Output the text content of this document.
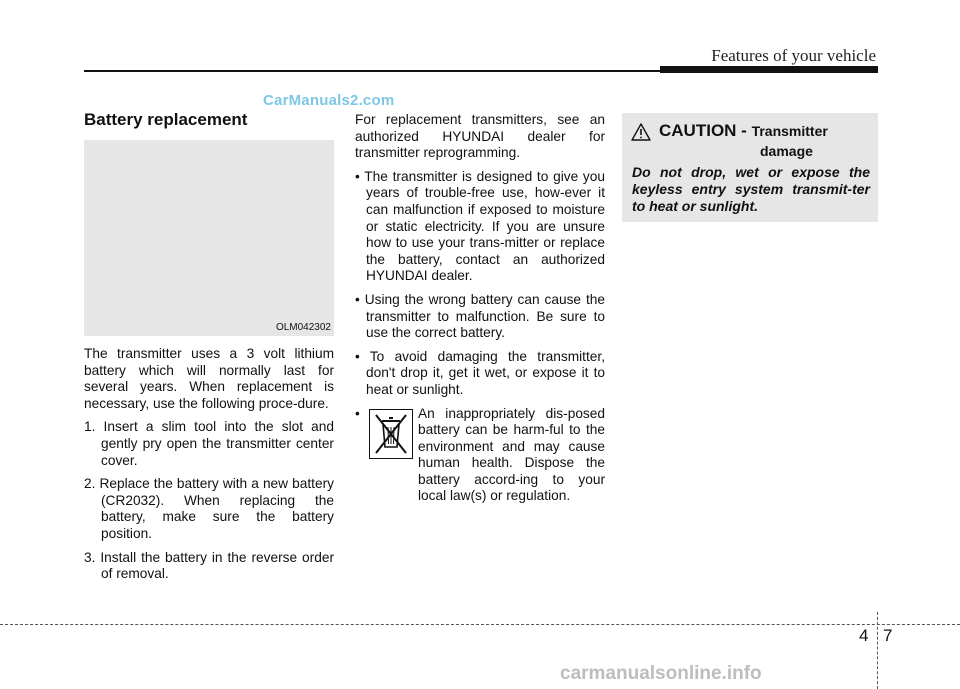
Features of your vehicle
CarManuals2.com
Battery replacement
OLM042302

The transmitter uses a 3 volt lithium battery which will normally last for several years. When replacement is necessary, use the following proce-dure.

1. Insert a slim tool into the slot and gently pry open the transmitter center cover.
2. Replace the battery with a new battery (CR2032). When replacing the battery, make sure the battery position.
3. Install the battery in the reverse order of removal.

For replacement transmitters, see an authorized HYUNDAI dealer for transmitter reprogramming.

• The transmitter is designed to give you years of trouble-free use, how-ever it can malfunction if exposed to moisture or static electricity. If you are unsure how to use your trans-mitter or replace the battery, contact an authorized HYUNDAI dealer.
• Using the wrong battery can cause the transmitter to malfunction. Be sure to use the correct battery.
• To avoid damaging the transmitter, don't drop it, get it wet, or expose it to heat or sunlight.
•	An inappropriately dis-posed battery can be harm-ful to the environment and may cause human health. Dispose the battery accord-ing to your local law(s) or regulation.
CAUTION - Transmitter
damage
Do not drop, wet or expose the keyless entry system transmit-ter to heat or sunlight.
4 7
carmanualsonline.info
